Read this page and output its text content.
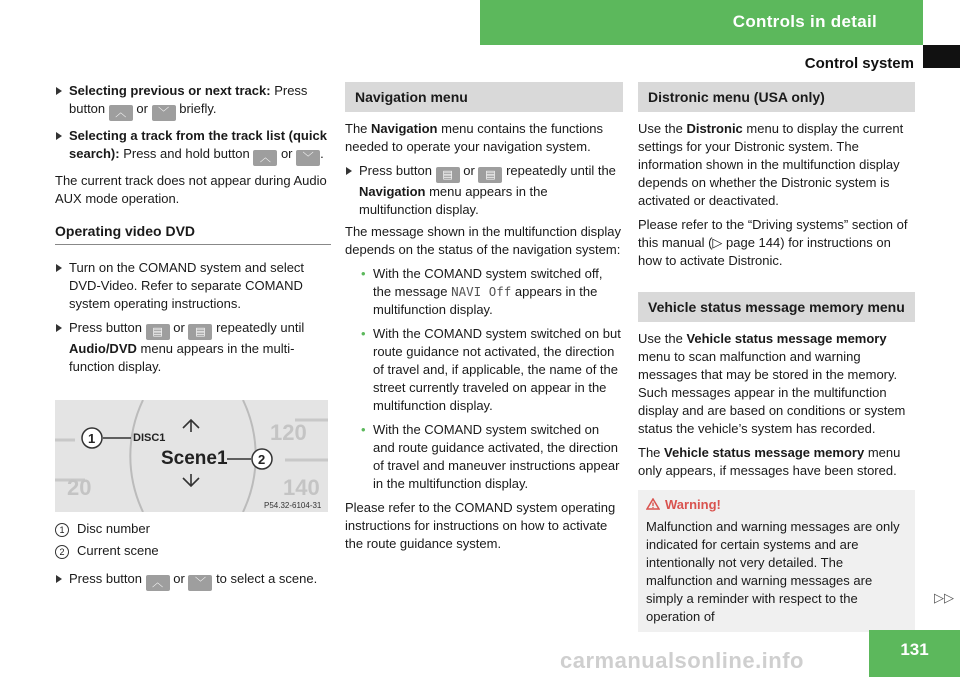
Controls in detail
Control system
Selecting previous or next track: Press button ︿ or ﹀ briefly.
Selecting a track from the track list (quick search): Press and hold button ︿ or ﹀ .

The current track does not appear during Audio AUX mode operation.

Operating video DVD
Turn on the COMAND system and select DVD-Video. Refer to separate COMAND system operating instructions.
Press button ▤ or ▤ repeatedly until Audio/DVD menu appears in the multi-function display.
20
120
140
DISC1
Scene1
1
2
P54.32-6104-31
1 Disc number
2 Current scene
Press button ︿ or ﹀ to select a scene.
Navigation menu

The Navigation menu contains the functions needed to operate your navigation system.

Press button ▤ or ▤ repeatedly until the Navigation menu appears in the multifunction display.

The message shown in the multifunction display depends on the status of the navigation system:

• With the COMAND system switched off, the message NAVI Off appears in the multifunction display.
• With the COMAND system switched on but route guidance not activated, the direction of travel and, if applicable, the name of the street currently traveled on appear in the multifunction display.
• With the COMAND system switched on and route guidance activated, the direction of travel and maneuver instructions appear in the multifunction display.

Please refer to the COMAND system operating instructions for instructions on how to activate the route guidance system.

Distronic menu (USA only)

Use the Distronic menu to display the current settings for your Distronic system. The information shown in the multifunction display depends on whether the Distronic system is activated or deactivated.

Please refer to the “Driving systems” section of this manual (▷ page 144) for instructions on how to activate Distronic.

Vehicle status message memory menu

Use the Vehicle status message memory menu to scan malfunction and warning messages that may be stored in the memory. Such messages appear in the multifunction display and are based on conditions or system status the vehicle’s system has recorded.

The Vehicle status message memory menu only appears, if messages have been stored.

Warning!
Malfunction and warning messages are only indicated for certain systems and are intentionally not very detailed. The malfunction and warning messages are simply a reminder with respect to the operation of
▷▷
carmanualsonline.info	131
